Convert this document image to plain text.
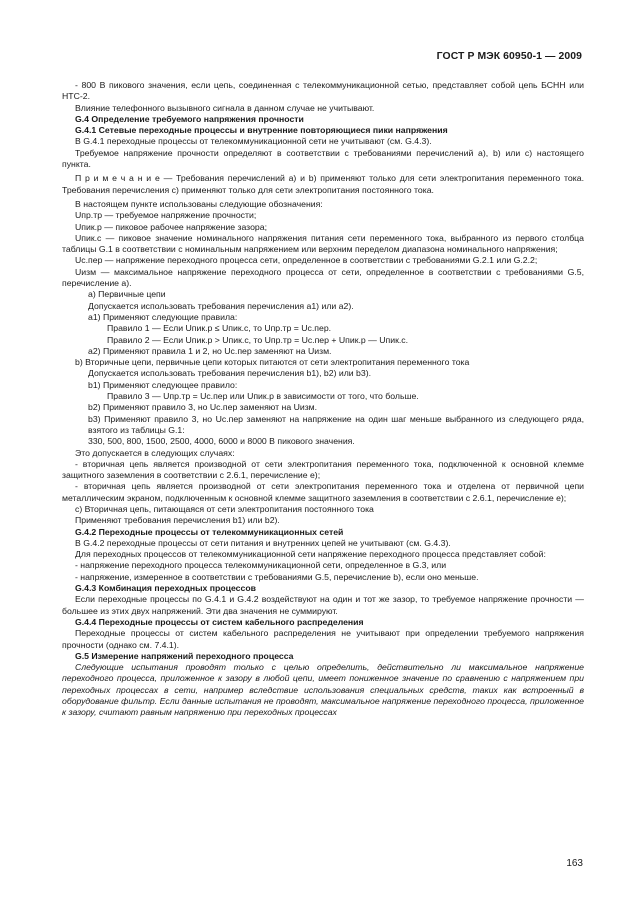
ГОСТ Р МЭК 60950-1 — 2009

- 800 В пикового значения, если цепь, соединенная с телекоммуникационной сетью, представляет собой цепь БСНН или НТС-2.

Влияние телефонного вызывного сигнала в данном случае не учитывают.

G.4 Определение требуемого напряжения прочности

G.4.1 Сетевые переходные процессы и внутренние повторяющиеся пики напряжения

В G.4.1 переходные процессы от телекоммуникационной сети не учитывают (см. G.4.3).

Требуемое напряжение прочности определяют в соответствии с требованиями перечислений а), b) или с) настоящего пункта.

П р и м е ч а н и е — Требования перечислений а) и b) применяют только для сети электропитания переменного тока. Требования перечисления с) применяют только для сети электропитания постоянного тока.

В настоящем пункте использованы следующие обозначения:

Uпр.тр — требуемое напряжение прочности;

Uпик.р — пиковое рабочее напряжение зазора;

Uпик.с — пиковое значение номинального напряжения питания сети переменного тока, выбранного из первого столбца таблицы G.1 в соответствии с номинальным напряжением или верхним переделом диапазона номинального напряжения;

Uс.пер — напряжение переходного процесса сети, определенное в соответствии с требованиями G.2.1 или G.2.2;

Uизм — максимальное напряжение переходного процесса от сети, определенное в соответствии с требованиями G.5, перечисление а).

а) Первичные цепи

Допускается использовать требования перечисления а1) или а2).

а1) Применяют следующие правила:

Правило 1 — Если Uпик.р ≤ Uпик.с, то Uпр.тр = Uс.пер.

Правило 2 — Если Uпик.р > Uпик.с, то Uпр.тр = Uс.пер + Uпик.р — Uпик.с.

а2) Применяют правила 1 и 2, но Uс.пер заменяют на Uизм.

b) Вторичные цепи, первичные цепи которых питаются от сети электропитания переменного тока

Допускается использовать требования перечисления b1), b2) или b3).

b1) Применяют следующее правило:

Правило 3 — Uпр.тр = Uс.пер или Uпик.р в зависимости от того, что больше.

b2) Применяют правило 3, но Uс.пер заменяют на Uизм.

b3) Применяют правило 3, но Uс.пер заменяют на напряжение на один шаг меньше выбранного из следующего ряда, взятого из таблицы G.1:

330, 500, 800, 1500, 2500, 4000, 6000 и 8000 В пикового значения.

Это допускается в следующих случаях:

- вторичная цепь является производной от сети электропитания переменного тока, подключенной к основной клемме защитного заземления в соответствии с 2.6.1, перечисление е);

- вторичная цепь является производной от сети электропитания переменного тока и отделена от первичной цепи металлическим экраном, подключенным к основной клемме защитного заземления в соответствии с 2.6.1, перечисление е);

с) Вторичная цепь, питающаяся от сети электропитания постоянного тока

Применяют требования перечисления b1) или b2).

G.4.2 Переходные процессы от телекоммуникационных сетей

В G.4.2 переходные процессы от сети питания и внутренних цепей не учитывают (см. G.4.3).

Для переходных процессов от телекоммуникационной сети напряжение переходного процесса представляет собой:

- напряжение переходного процесса телекоммуникационной сети, определенное в G.3, или

- напряжение, измеренное в соответствии с требованиями G.5, перечисление b), если оно меньше.

G.4.3 Комбинация переходных процессов

Если переходные процессы по G.4.1 и G.4.2 воздействуют на один и тот же зазор, то требуемое напряжение прочности — большее из этих двух напряжений. Эти два значения не суммируют.

G.4.4 Переходные процессы от систем кабельного распределения

Переходные процессы от систем кабельного распределения не учитывают при определении требуемого напряжения прочности (однако см. 7.4.1).

G.5 Измерение напряжений переходного процесса

Следующие испытания проводят только с целью определить, действительно ли максимальное напряжение переходного процесса, приложенное к зазору в любой цепи, имеет пониженное значение по сравнению с напряжением при переходных процессах в сети, например вследствие использования специальных средств, таких как встроенный в оборудование фильтр. Если данные испытания не проводят, максимальное напряжение переходного процесса, приложенное к зазору, считают равным напряжению при переходных процессах

163
